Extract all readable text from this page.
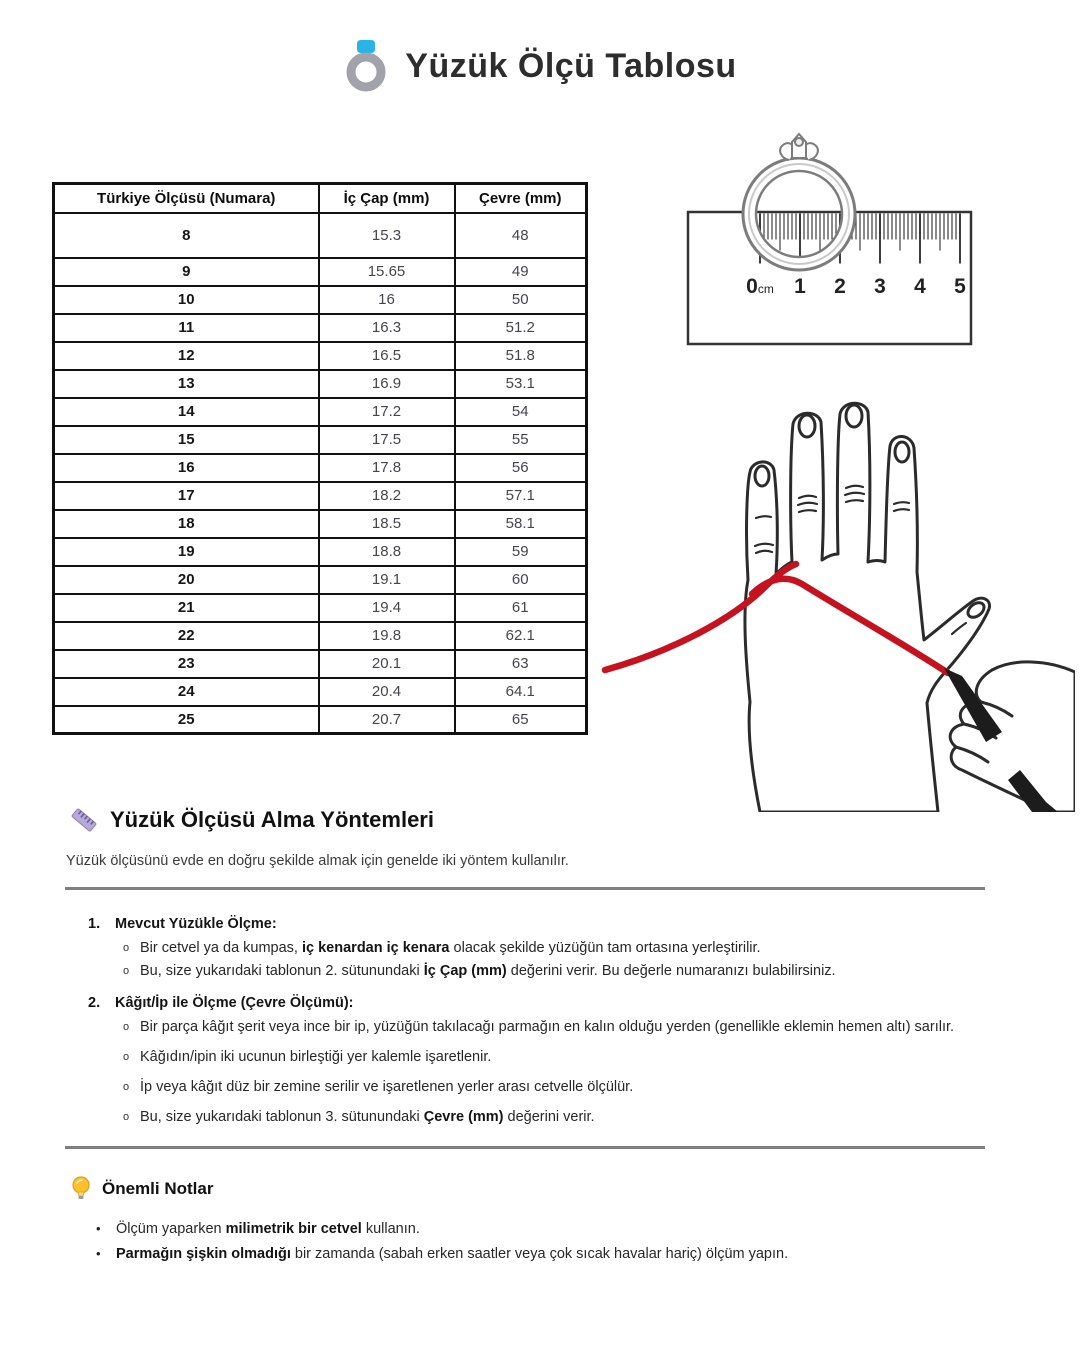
Yüzük Ölçü Tablosu
Türkiye Ölçüsü (Numara)	İç Çap (mm)	Çevre (mm)
8	15.3	48
9	15.65	49
10	16	50
11	16.3	51.2
12	16.5	51.8
13	16.9	53.1
14	17.2	54
15	17.5	55
16	17.8	56
17	18.2	57.1
18	18.5	58.1
19	18.8	59
20	19.1	60
21	19.4	61
22	19.8	62.1
23	20.1	63
24	20.4	64.1
25	20.7	65
0cm 1 2 3 4 5
Yüzük Ölçüsü Alma Yöntemleri

Yüzük ölçüsünü evde en doğru şekilde almak için genelde iki yöntem kullanılır.

1.	Mevcut Yüzükle Ölçme:
o Bir cetvel ya da kumpas, iç kenardan iç kenara olacak şekilde yüzüğün tam ortasına yerleştirilir.

o Bu, size yukarıdaki tablonun 2. sütunundaki İç Çap (mm) değerini verir. Bu değerle numaranızı bulabilirsiniz.

2.	Kâğıt/İp ile Ölçme (Çevre Ölçümü):
o Bir parça kâğıt şerit veya ince bir ip, yüzüğün takılacağı parmağın en kalın olduğu yerden (genellikle eklemin hemen altı) sarılır.

o Kâğıdın/ipin iki ucunun birleştiği yer kalemle işaretlenir.

o İp veya kâğıt düz bir zemine serilir ve işaretlenen yerler arası cetvelle ölçülür.

o Bu, size yukarıdaki tablonun 3. sütunundaki Çevre (mm) değerini verir.

Önemli Notlar
•	Ölçüm yaparken milimetrik bir cetvel kullanın.

•	Parmağın şişkin olmadığı bir zamanda (sabah erken saatler veya çok sıcak havalar hariç) ölçüm yapın.
